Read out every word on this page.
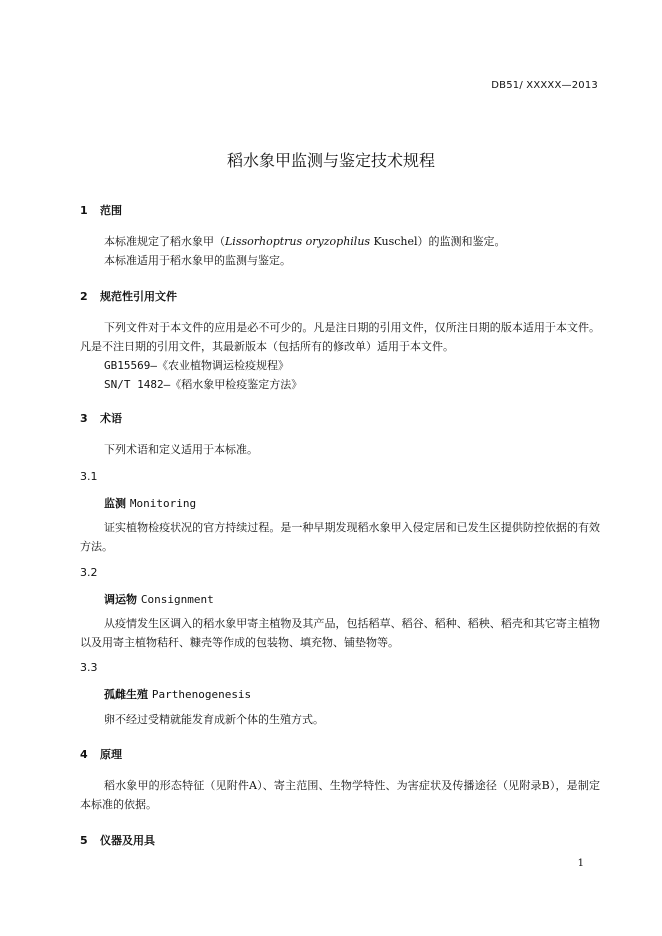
DB51/ XXXXX—2013
稻水象甲监测与鉴定技术规程
1 范围
本标准规定了稻水象甲（Lissorhoptrus oryzophilus Kuschel）的监测和鉴定。
本标准适用于稻水象甲的监测与鉴定。
2 规范性引用文件
下列文件对于本文件的应用是必不可少的。凡是注日期的引用文件，仅所注日期的版本适用于本文件。凡是不注日期的引用文件，其最新版本（包括所有的修改单）适用于本文件。
GB15569—《农业植物调运检疫规程》
SN/T 1482—《稻水象甲检疫鉴定方法》
3 术语
下列术语和定义适用于本标准。
3.1
监测 Monitoring
证实植物检疫状况的官方持续过程。是一种早期发现稻水象甲入侵定居和已发生区提供防控依据的有效方法。
3.2
调运物 Consignment
从疫情发生区调入的稻水象甲寄主植物及其产品，包括稻草、稻谷、稻种、稻秧、稻壳和其它寄主植物以及用寄主植物秸秆、糠壳等作成的包装物、填充物、铺垫物等。
3.3
孤雌生殖 Parthenogenesis
卵不经过受精就能发育成新个体的生殖方式。
4 原理
稻水象甲的形态特征（见附件A）、寄主范围、生物学特性、为害症状及传播途径（见附录B），是制定本标准的依据。
5 仪器及用具
1
